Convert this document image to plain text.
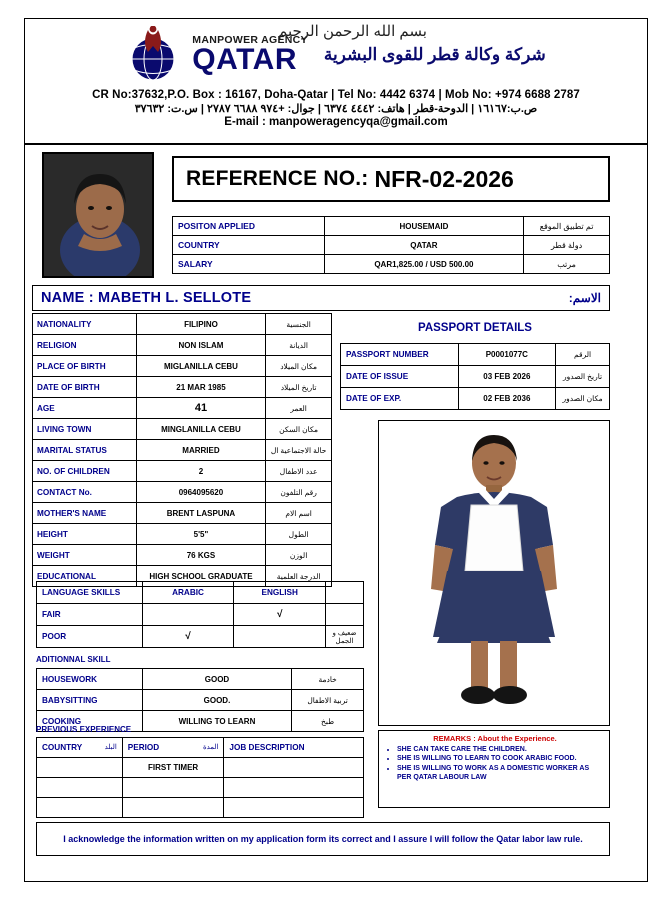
بسم الله الرحمن الرحيم
MANPOWER AGENCY
QATAR	شركة وكالة قطر للقوى البشرية
CR No:37632,P.O. Box : 16167, Doha-Qatar | Tel No: 4442 6374 | Mob No: +974 6688 2787
ص.ب:١٦١٦٧ | الدوحة-قطر | هاتف: ٤٤٤٢ ٦٣٧٤ | جوال: +٩٧٤ ٦٦٨٨ ٢٧٨٧ | س.ت: ٣٧٦٣٢
E-mail : manpoweragencyqa@gmail.com
REFERENCE NO.: NFR-02-2026
POSITON APPLIED	HOUSEMAID	تم تطبيق الموقع
COUNTRY	QATAR	دولة قطر
SALARY	QAR1,825.00 / USD 500.00	مرتب
NAME : MABETH L. SELLOTE	الاسم:
NATIONALITY	FILIPINO	الجنسية
RELIGION	NON ISLAM	الديانة
PLACE OF BIRTH	MIGLANILLA CEBU	مكان الميلاد
DATE OF BIRTH	21 MAR 1985	تاريخ الميلاد
AGE	41	العمر
LIVING TOWN	MINGLANILLA CEBU	مكان السكن
MARITAL STATUS	MARRIED	حالة الاجتماعية ال
NO. OF CHILDREN	2	عدد الاطفال
CONTACT No.	0964095620	رقم التلفون
MOTHER'S NAME	BRENT LASPUNA	اسم الام
HEIGHT	5'5"	الطول
WEIGHT	76 KGS	الوزن
EDUCATIONAL	HIGH SCHOOL GRADUATE	الدرجة العلمية
PASSPORT DETAILS
PASSPORT NUMBER	P0001077C	الرقم
DATE OF ISSUE	03 FEB 2026	تاريخ الصدور
DATE OF EXP.	02 FEB 2036	مكان الصدور
LANGUAGE SKILLS	ARABIC	ENGLISH	
FAIR		√	
POOR	√		ضعيف و الجمل
ADITIONNAL SKILL
HOUSEWORK	GOOD	خادمة
BABYSITTING	GOOD.	تربية الاطفال
COOKING	WILLING TO LEARN	طبخ
PREVIOUS EXPERIENCE
COUNTRY البلد	PERIOD المدة	JOB DESCRIPTION
	FIRST TIMER	

REMARKS : About the Experience.
• SHE CAN TAKE CARE THE CHILDREN.
• SHE IS WILLING TO LEARN TO COOK ARABIC FOOD.
• SHE IS WILLING TO WORK AS A DOMESTIC WORKER AS PER QATAR LABOUR LAW

I acknowledge the information written on my application form its correct and I assure I will follow the Qatar labor law rule.
